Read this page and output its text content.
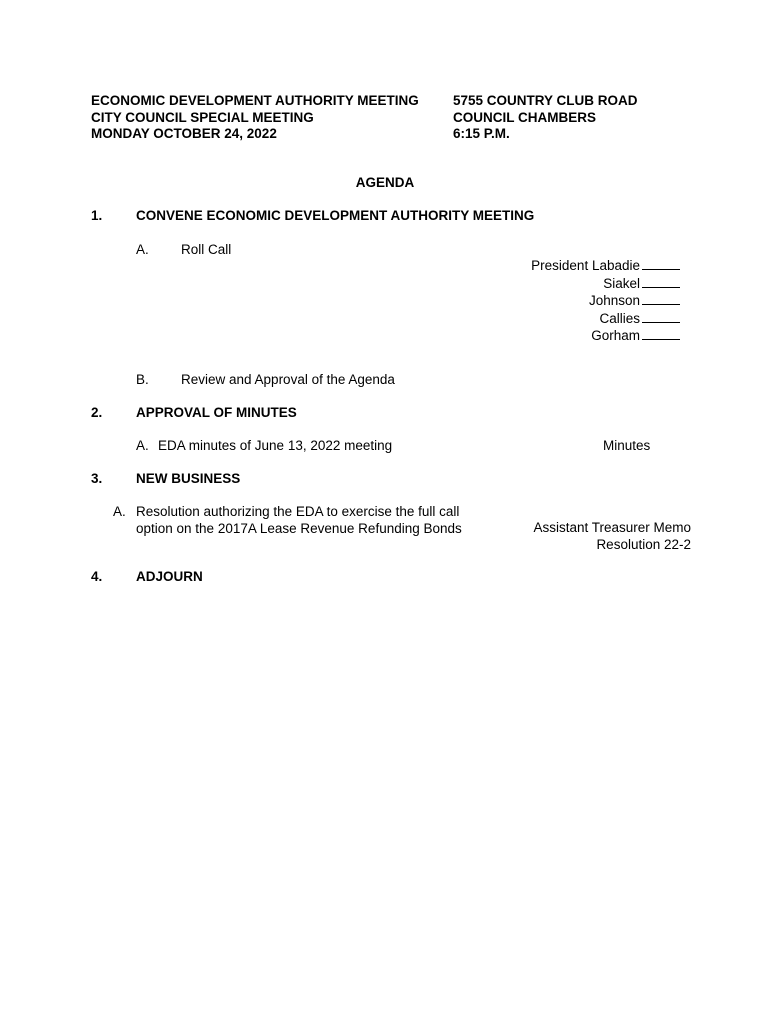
ECONOMIC DEVELOPMENT AUTHORITY MEETING
CITY COUNCIL SPECIAL MEETING
MONDAY OCTOBER 24, 2022
5755 COUNTRY CLUB ROAD
COUNCIL CHAMBERS
6:15 P.M.
AGENDA
1. CONVENE ECONOMIC DEVELOPMENT AUTHORITY MEETING
A. Roll Call
President Labadie
Siakel
Johnson
Callies
Gorham
B. Review and Approval of the Agenda
2. APPROVAL OF MINUTES
A. EDA minutes of June 13, 2022 meeting	Minutes
3. NEW BUSINESS
A. Resolution authorizing the EDA to exercise the full call
option on the 2017A Lease Revenue Refunding Bonds	Assistant Treasurer Memo
Resolution 22-2
4. ADJOURN
